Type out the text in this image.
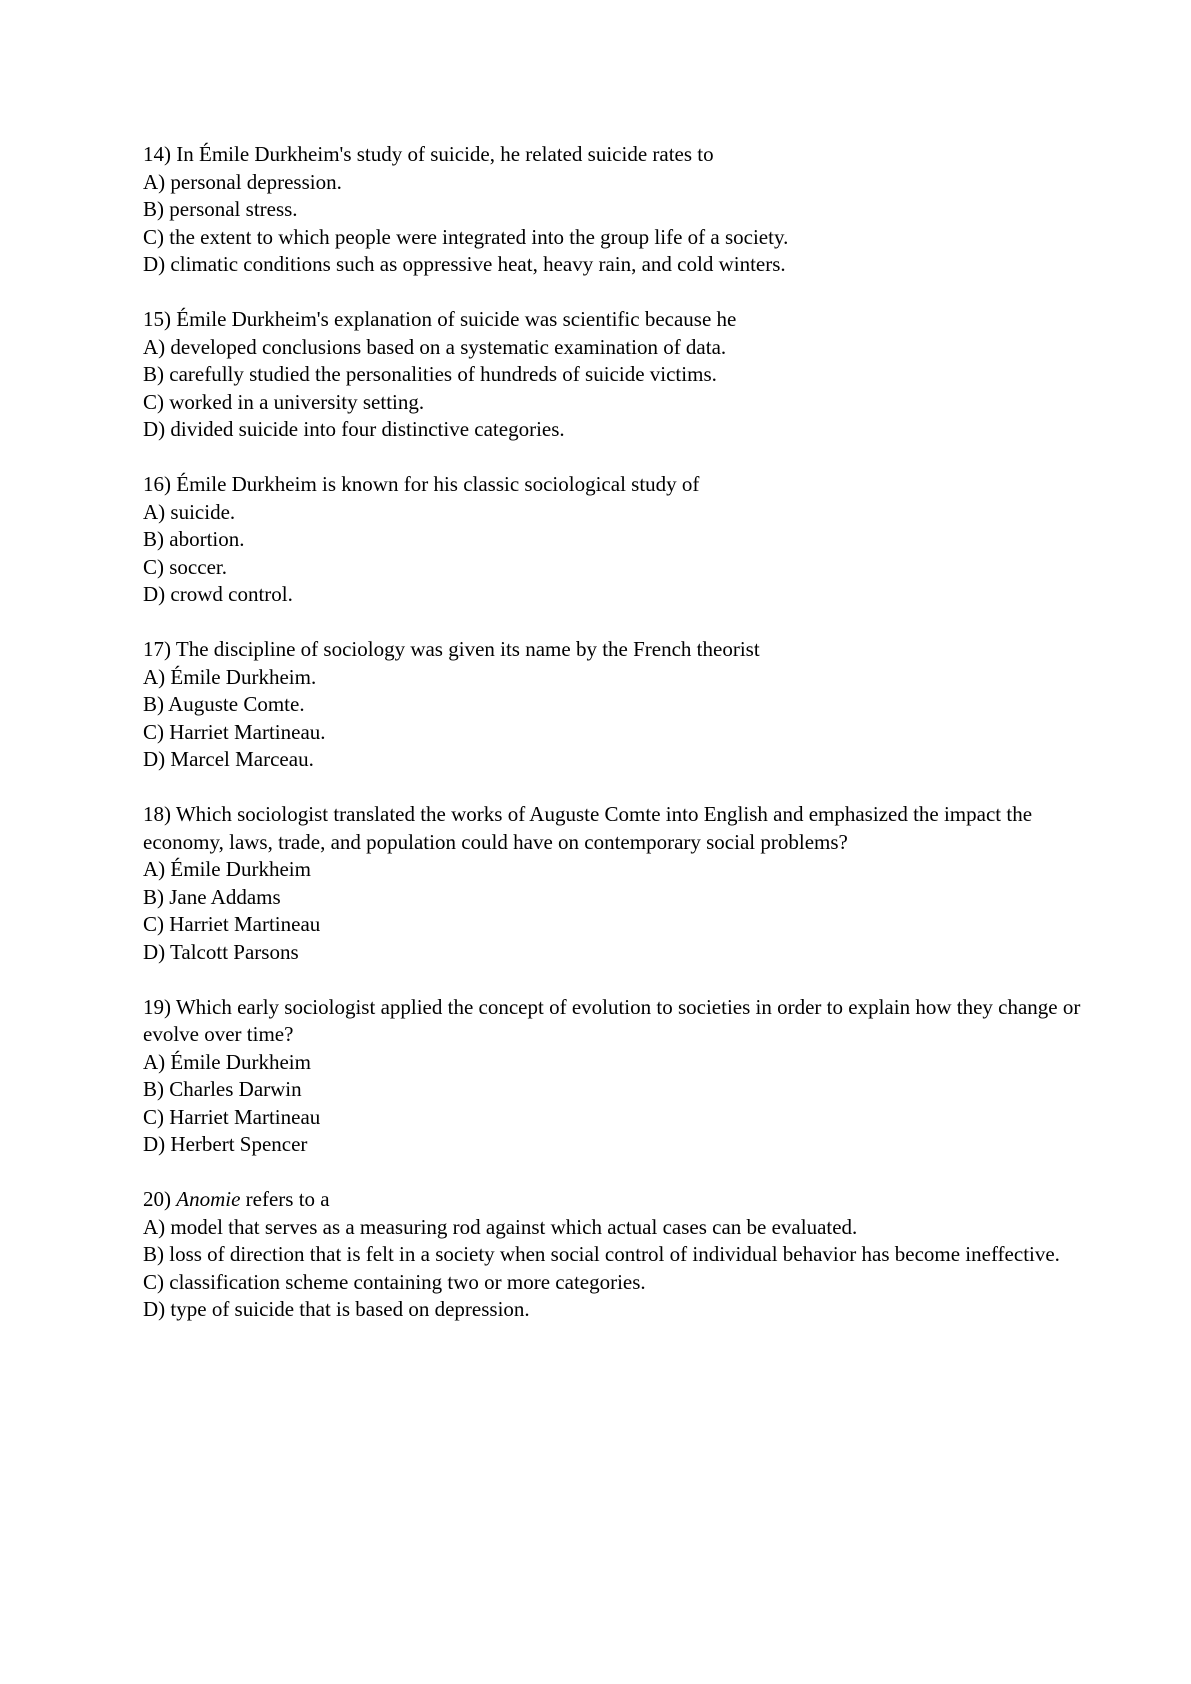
14) In Émile Durkheim's study of suicide, he related suicide rates to
A) personal depression.
B) personal stress.
C) the extent to which people were integrated into the group life of a society.
D) climatic conditions such as oppressive heat, heavy rain, and cold winters.
15) Émile Durkheim's explanation of suicide was scientific because he
A) developed conclusions based on a systematic examination of data.
B) carefully studied the personalities of hundreds of suicide victims.
C) worked in a university setting.
D) divided suicide into four distinctive categories.
16) Émile Durkheim is known for his classic sociological study of
A) suicide.
B) abortion.
C) soccer.
D) crowd control.
17) The discipline of sociology was given its name by the French theorist
A) Émile Durkheim.
B) Auguste Comte.
C) Harriet Martineau.
D) Marcel Marceau.
18) Which sociologist translated the works of Auguste Comte into English and emphasized the impact the economy, laws, trade, and population could have on contemporary social problems?
A) Émile Durkheim
B) Jane Addams
C) Harriet Martineau
D) Talcott Parsons
19) Which early sociologist applied the concept of evolution to societies in order to explain how they change or evolve over time?
A) Émile Durkheim
B) Charles Darwin
C) Harriet Martineau
D) Herbert Spencer
20) Anomie refers to a
A) model that serves as a measuring rod against which actual cases can be evaluated.
B) loss of direction that is felt in a society when social control of individual behavior has become ineffective.
C) classification scheme containing two or more categories.
D) type of suicide that is based on depression.
